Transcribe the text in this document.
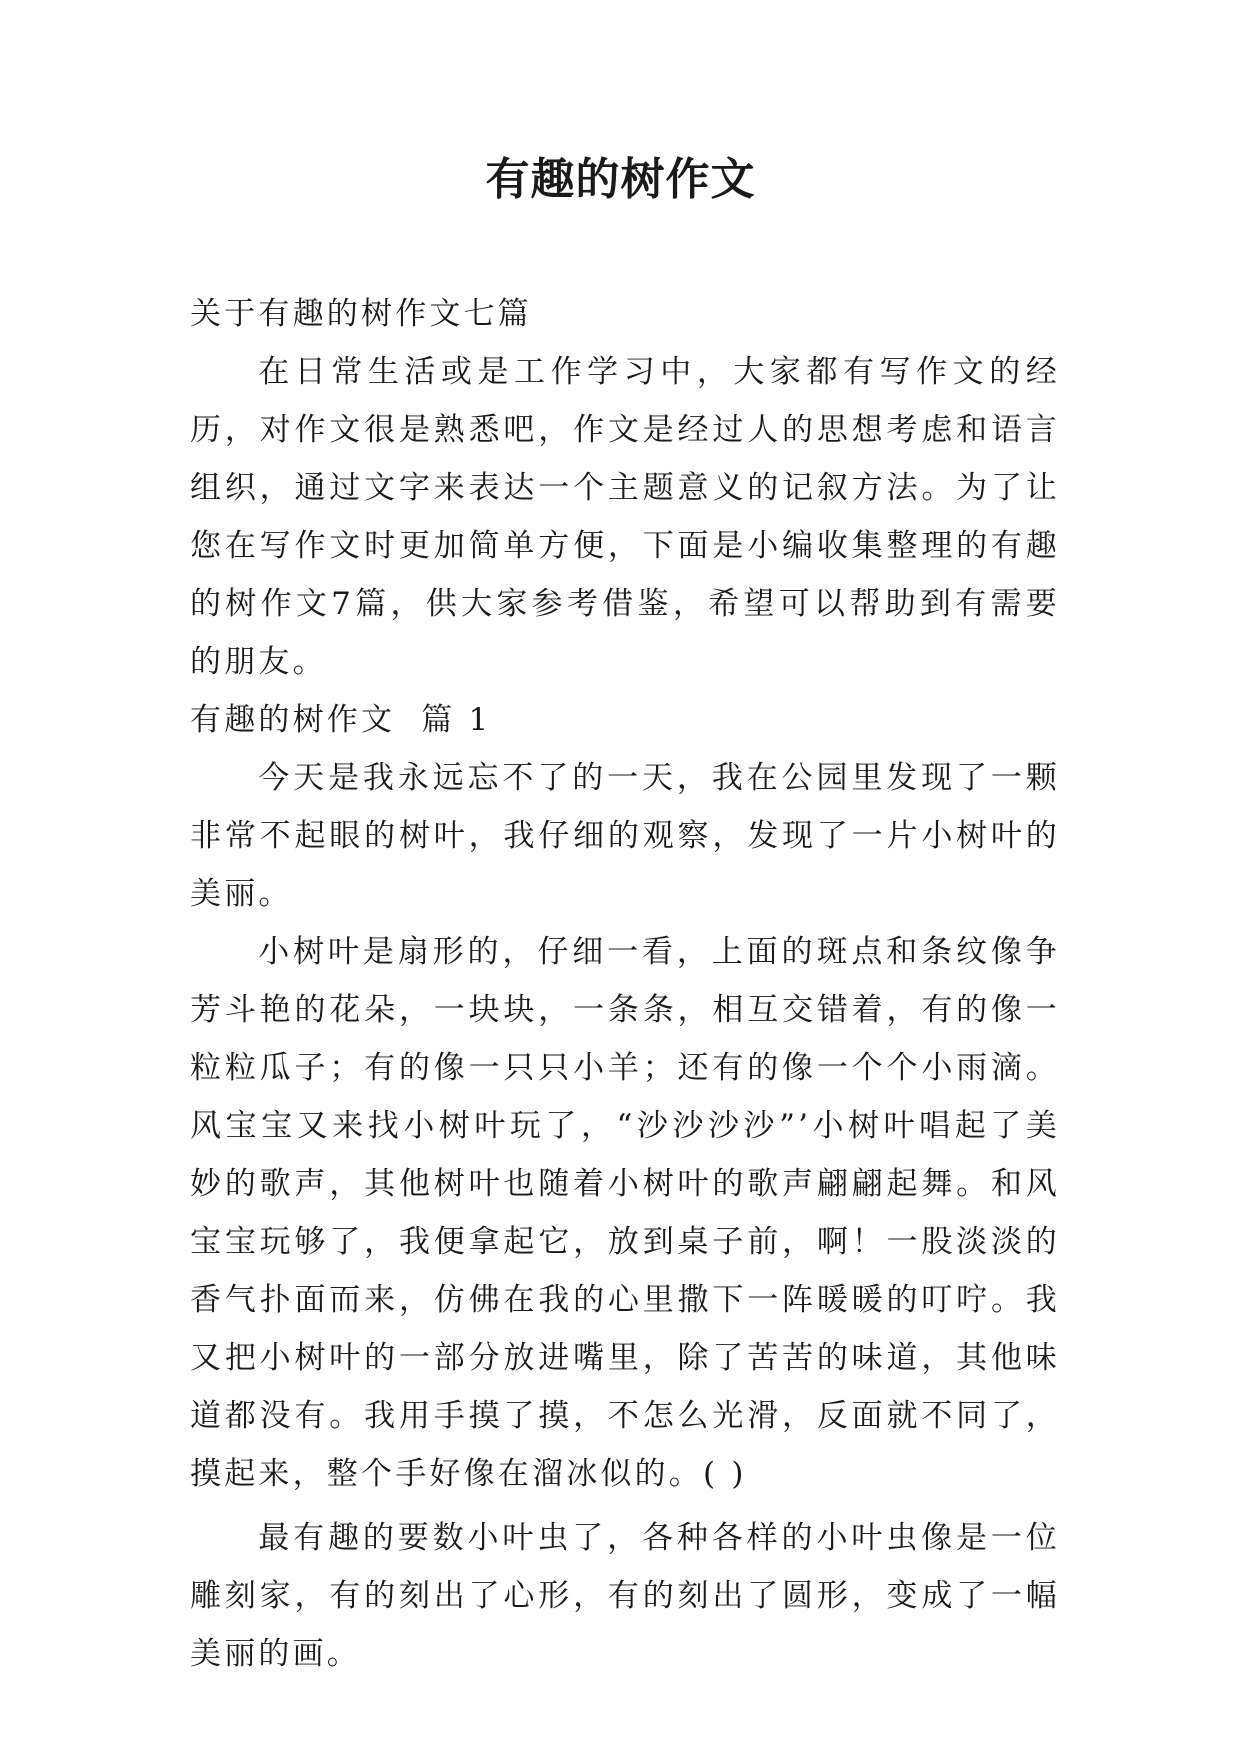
有趣的树作文

关于有趣的树作文七篇

在日常生活或是工作学习中，大家都有写作文的经历，对作文很是熟悉吧，作文是经过人的思想考虑和语言组织，通过文字来表达一个主题意义的记叙方法。为了让您在写作文时更加简单方便，下面是小编收集整理的有趣的树作文7篇，供大家参考借鉴，希望可以帮助到有需要的朋友。

有趣的树作文  篇 1

今天是我永远忘不了的一天，我在公园里发现了一颗非常不起眼的树叶，我仔细的观察，发现了一片小树叶的美丽。

小树叶是扇形的，仔细一看，上面的斑点和条纹像争芳斗艳的花朵，一块块，一条条，相互交错着，有的像一粒粒瓜子；有的像一只只小羊；还有的像一个个小雨滴。风宝宝又来找小树叶玩了，“沙沙沙沙”’小树叶唱起了美妙的歌声，其他树叶也随着小树叶的歌声翩翩起舞。和风宝宝玩够了，我便拿起它，放到桌子前，啊！一股淡淡的香气扑面而来，仿佛在我的心里撒下一阵暖暖的叮咛。我又把小树叶的一部分放进嘴里，除了苦苦的味道，其他味道都没有。我用手摸了摸，不怎么光滑，反面就不同了，摸起来，整个手好像在溜冰似的。( )

最有趣的要数小叶虫了，各种各样的小叶虫像是一位雕刻家，有的刻出了心形，有的刻出了圆形，变成了一幅美丽的画。
